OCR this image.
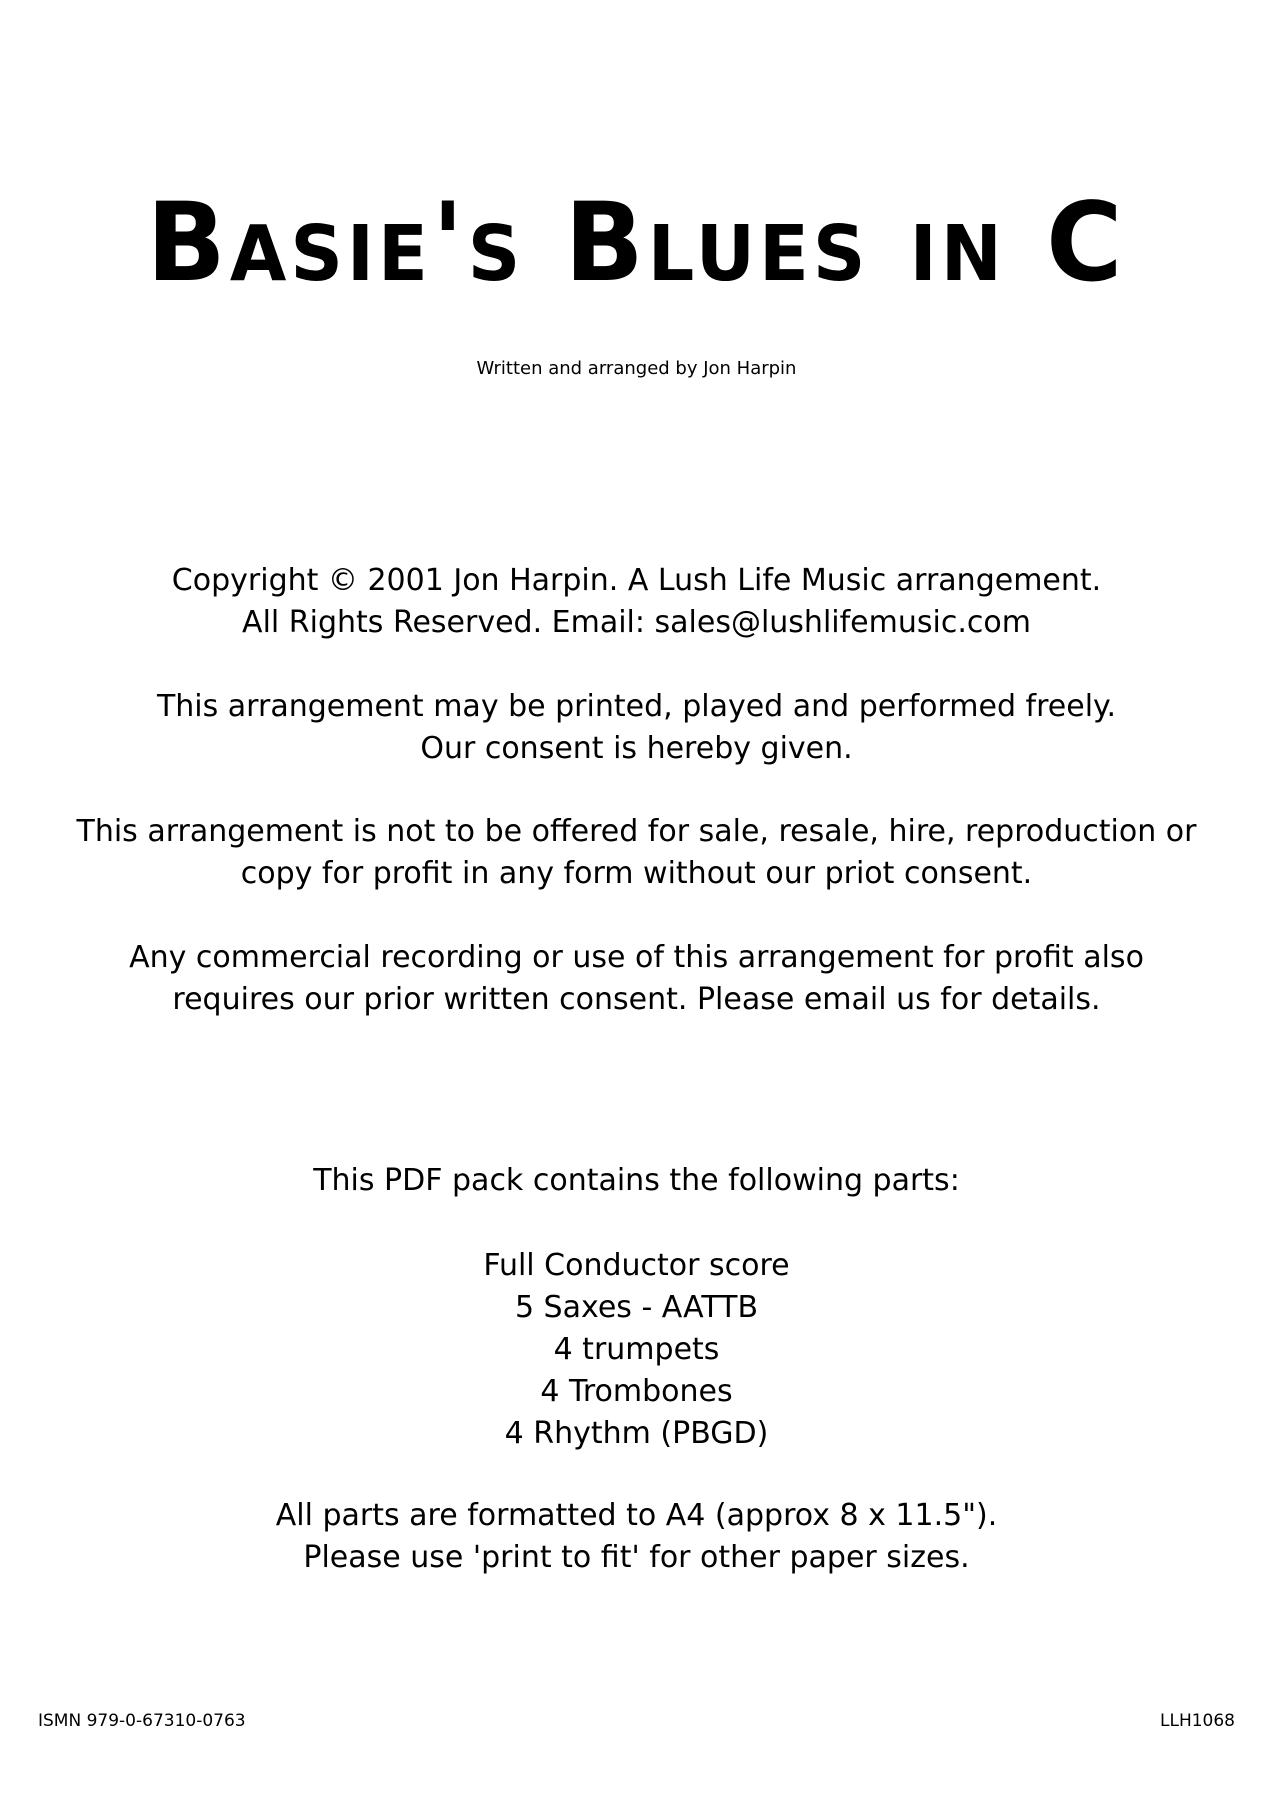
Basie's Blues in C
Written and arranged by Jon Harpin

Copyright © 2001 Jon Harpin. A Lush Life Music arrangement.

All Rights Reserved. Email: sales@lushlifemusic.com

This arrangement may be printed, played and performed freely.

Our consent is hereby given.

This arrangement is not to be offered for sale, resale, hire, reproduction or

copy for profit in any form without our priot consent.

Any commercial recording or use of this arrangement for profit also

requires our prior written consent. Please email us for details.

This PDF pack contains the following parts:
Full Conductor score
5 Saxes - AATTB
4 trumpets
4 Trombones
4 Rhythm (PBGD)

All parts are formatted to A4 (approx 8 x 11.5").

Please use 'print to fit' for other paper sizes.

ISMN 979-0-67310-0763	LLH1068
